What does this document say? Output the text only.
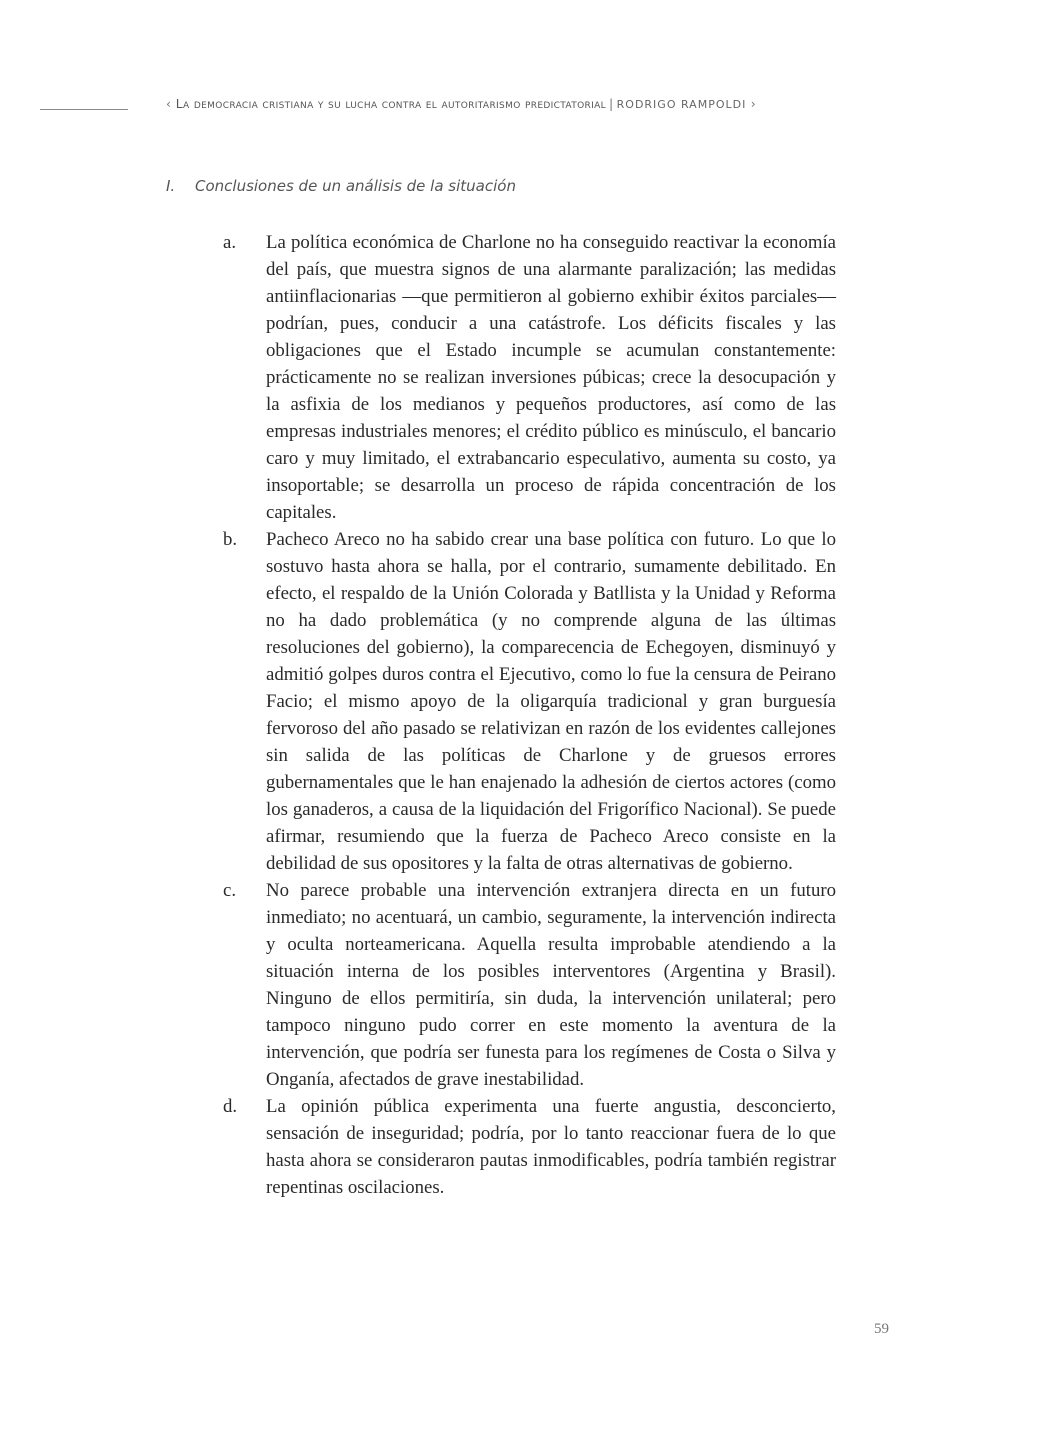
‹ La democracia cristiana y su lucha contra el autoritarismo predictatorial | RODRIGO RAMPOLDI ›
I. Conclusiones de un análisis de la situación
a. La política económica de Charlone no ha conseguido reactivar la economía del país, que muestra signos de una alarmante paralización; las medidas antiinflacionarias —que permitieron al gobierno exhibir éxitos parciales— podrían, pues, conducir a una catástrofe. Los déficits fiscales y las obligaciones que el Estado incumple se acumulan constantemente: prácticamente no se realizan inversiones púbicas; crece la desocupación y la asfixia de los medianos y pequeños productores, así como de las empresas industriales menores; el crédito público es minúsculo, el bancario caro y muy limitado, el extrabancario especulativo, aumenta su costo, ya insoportable; se desarrolla un proceso de rápida concentración de los capitales.
b. Pacheco Areco no ha sabido crear una base política con futuro. Lo que lo sostuvo hasta ahora se halla, por el contrario, sumamente debilitado. En efecto, el respaldo de la Unión Colorada y Batllista y la Unidad y Reforma no ha dado problemática (y no comprende alguna de las últimas resoluciones del gobierno), la comparecencia de Echegoyen, disminuyó y admitió golpes duros contra el Ejecutivo, como lo fue la censura de Peirano Facio; el mismo apoyo de la oligarquía tradicional y gran burguesía fervoroso del año pasado se relativizan en razón de los evidentes callejones sin salida de las políticas de Charlone y de gruesos errores gubernamentales que le han enajenado la adhesión de ciertos actores (como los ganaderos, a causa de la liquidación del Frigorífico Nacional). Se puede afirmar, resumiendo que la fuerza de Pacheco Areco consiste en la debilidad de sus opositores y la falta de otras alternativas de gobierno.
c. No parece probable una intervención extranjera directa en un futuro inmediato; no acentuará, un cambio, seguramente, la intervención indirecta y oculta norteamericana. Aquella resulta improbable atendiendo a la situación interna de los posibles interventores (Argentina y Brasil). Ninguno de ellos permitiría, sin duda, la intervención unilateral; pero tampoco ninguno pudo correr en este momento la aventura de la intervención, que podría ser funesta para los regímenes de Costa o Silva y Onganía, afectados de grave inestabilidad.
d. La opinión pública experimenta una fuerte angustia, desconcierto, sensación de inseguridad; podría, por lo tanto reaccionar fuera de lo que hasta ahora se consideraron pautas inmodificables, podría también registrar repentinas oscilaciones.
59
